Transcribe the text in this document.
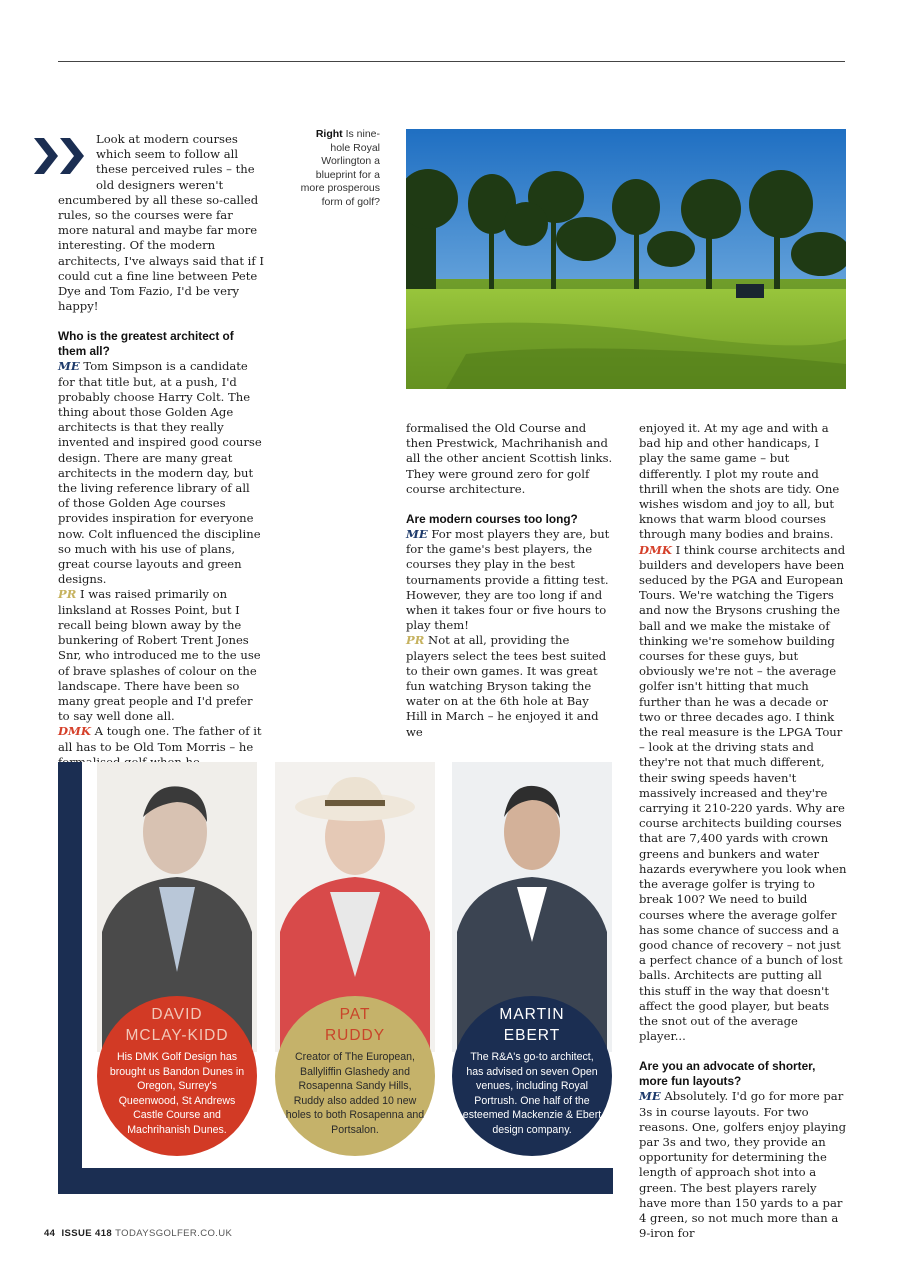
Look at modern courses which seem to follow all these perceived rules – the old designers weren't encumbered by all these so-called rules, so the courses were far more natural and maybe far more interesting. Of the modern architects, I've always said that if I could cut a fine line between Pete Dye and Tom Fazio, I'd be very happy!

Who is the greatest architect of them all?

ME Tom Simpson is a candidate for that title but, at a push, I'd probably choose Harry Colt. The thing about those Golden Age architects is that they really invented and inspired good course design. There are many great architects in the modern day, but the living reference library of all of those Golden Age courses provides inspiration for everyone now. Colt influenced the discipline so much with his use of plans, great course layouts and green designs.

PR I was raised primarily on linksland at Rosses Point, but I recall being blown away by the bunkering of Robert Trent Jones Snr, who introduced me to the use of brave splashes of colour on the landscape. There have been so many great people and I'd prefer to say well done all.

DMK A tough one. The father of it all has to be Old Tom Morris – he

Right Is nine-hole Royal Worlington a blueprint for a more prosperous form of golf?

formalised the Old Course and then Prestwick, Machrihanish and all the other ancient Scottish links. They were ground zero for golf course architecture.

Are modern courses too long?

ME For most players they are, but for the game's best players, the courses they play in the best tournaments provide a fitting test. However, they are too long if and when it takes four or five hours to play them!

PR Not at all, providing the players select the tees best suited to their own games. It was great fun watching Bryson taking the water on at the 6th hole at Bay Hill in March – he enjoyed it and we

enjoyed it. At my age and with a bad hip and other handicaps, I play the same game – but differently. I plot my route and thrill when the shots are tidy. One wishes wisdom and joy to all, but knows that warm blood courses through many bodies and brains.

DMK I think course architects and builders and developers have been seduced by the PGA and European Tours. We're watching the Tigers and now the Brysons crushing the ball and we make the mistake of thinking we're somehow building courses for these guys, but obviously we're not – the average golfer isn't hitting that much further than he was a decade or two or three decades ago. I think the real measure is the LPGA Tour – look at the driving stats and they're not that much different, their swing speeds haven't massively increased and they're carrying it 210-220 yards. Why are course architects building courses that are 7,400 yards with crown greens and bunkers and water hazards everywhere you look when the average golfer is trying to break 100? We need to build courses where the average golfer has some chance of success and a good chance of recovery – not just a perfect chance of a bunch of lost balls. Architects are putting all this stuff in the way that doesn't affect the good player, but beats the snot out of the average player...

Are you an advocate of shorter, more fun layouts?

ME Absolutely. I'd go for more par 3s in course layouts. For two reasons. One, golfers enjoy playing par 3s and two, they provide an opportunity for determining the length of approach shot into a green. The best players rarely have more than 150 yards to a par 4 green, so not much more than a 9-iron for

DAVID
MCLAY-KIDD
His DMK Golf Design has brought us Bandon Dunes in Oregon, Surrey's Queenwood, St Andrews Castle Course and Machrihanish Dunes.
PAT
RUDDY
Creator of The European, Ballyliffin Glashedy and Rosapenna Sandy Hills, Ruddy also added 10 new holes to both Rosapenna and Portsalon.
MARTIN
EBERT
The R&A's go-to architect, has advised on seven Open venues, including Royal Portrush. One half of the esteemed Mackenzie & Ebert design company.
44 ISSUE 418 TODAYSGOLFER.CO.UK
